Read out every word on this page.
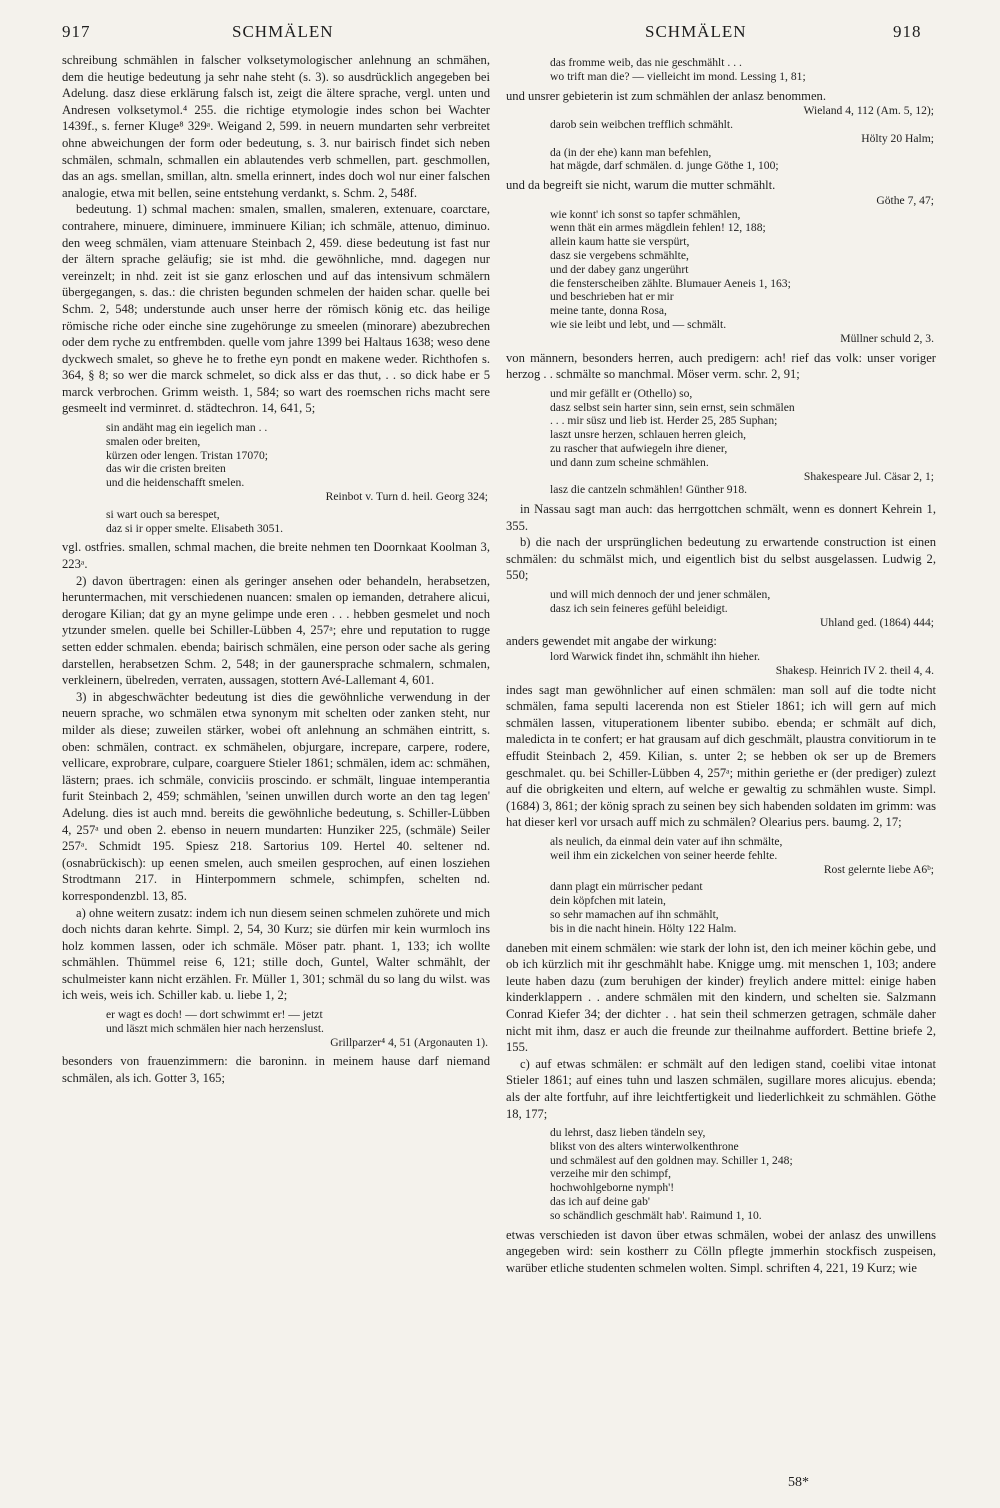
917	SCHMÄLEN	SCHMÄLEN	918

schreibung schmählen in falscher volksetymologischer anlehnung an schmähen, dem die heutige bedeutung ja sehr nahe steht (s. 3). so ausdrücklich angegeben bei Adelung. dasz diese erklärung falsch ist, zeigt die ältere sprache, vergl. unten und Andresen volksetymol.⁴ 255. die richtige etymologie indes schon bei Wachter 1439f., s. ferner Kluge⁸ 329ᵃ. Weigand 2, 599. in neuern mundarten sehr verbreitet ohne abweichungen der form oder bedeutung, s. 3. nur bairisch findet sich neben schmälen, schmaln, schmallen ein ablautendes verb schmellen, part. geschmollen, das an ags. smellan, smillan, altn. smella erinnert, indes doch wol nur einer falschen analogie, etwa mit bellen, seine entstehung verdankt, s. Schm. 2, 548f.

bedeutung. 1) schmal machen: smalen, smallen, smaleren, extenuare, coarctare, contrahere, minuere, diminuere, imminuere Kilian; ich schmäle, attenuo, diminuo. den weeg schmälen, viam attenuare Steinbach 2, 459. diese bedeutung ist fast nur der ältern sprache geläufig; sie ist mhd. die gewöhnliche, mnd. dagegen nur vereinzelt; in nhd. zeit ist sie ganz erloschen und auf das intensivum schmälern übergegangen, s. das.: die christen begunden schmelen der haiden schar. quelle bei Schm. 2, 548; understunde auch unser herre der römisch könig etc. das heilige römische riche oder einche sine zugehörunge zu smeelen (minorare) abezubrechen oder dem ryche zu entfrembden. quelle vom jahre 1399 bei Haltaus 1638; weso dene dyckwech smalet, so gheve he to frethe eyn pondt en makene weder. Richthofen s. 364, § 8; so wer die marck schmelet, so dick alss er das thut, . . so dick habe er 5 marck verbrochen. Grimm weisth. 1, 584; so wart des roemschen richs macht sere gesmeelt ind verminret. d. städtechron. 14, 641, 5;

sin andäht mag ein iegelich man . .
smalen oder breiten,
kürzen oder lengen. Tristan 17070;
das wir die cristen breiten
und die heidenschafft smelen.
Reinbot v. Turn d. heil. Georg 324;
si wart ouch sa berespet,
daz si ir opper smelte. Elisabeth 3051.

vgl. ostfries. smallen, schmal machen, die breite nehmen ten Doornkaat Koolman 3, 223ᵃ.

2) davon übertragen: einen als geringer ansehen oder behandeln, herabsetzen, heruntermachen, mit verschiedenen nuancen: smalen op iemanden, detrahere alicui, derogare Kilian; dat gy an myne gelimpe unde eren . . . hebben gesmelet und noch ytzunder smelen. quelle bei Schiller-Lübben 4, 257ᵃ; ehre und reputation to rugge setten edder schmalen. ebenda; bairisch schmälen, eine person oder sache als gering darstellen, herabsetzen Schm. 2, 548; in der gaunersprache schmalern, schmalen, verkleinern, übelreden, verraten, aussagen, stottern Avé-Lallemant 4, 601.

3) in abgeschwächter bedeutung ist dies die gewöhnliche verwendung in der neuern sprache, wo schmälen etwa synonym mit schelten oder zanken steht, nur milder als diese; zuweilen stärker, wobei oft anlehnung an schmähen eintritt, s. oben: schmälen, contract. ex schmähelen, objurgare, increpare, carpere, rodere, vellicare, exprobrare, culpare, coarguere Stieler 1861; schmälen, idem ac: schmähen, lästern; praes. ich schmäle, conviciis proscindo. er schmält, linguae intemperantia furit Steinbach 2, 459; schmählen, 'seinen unwillen durch worte an den tag legen' Adelung. dies ist auch mnd. bereits die gewöhnliche bedeutung, s. Schiller-Lübben 4, 257ᵃ und oben 2. ebenso in neuern mundarten: Hunziker 225, (schmäle) Seiler 257ᵃ. Schmidt 195. Spiesz 218. Sartorius 109. Hertel 40. seltener nd. (osnabrückisch): up eenen smelen, auch smeilen gesprochen, auf einen losziehen Strodtmann 217. in Hinterpommern schmele, schimpfen, schelten nd. korrespondenzbl. 13, 85.

a) ohne weitern zusatz: indem ich nun diesem seinen schmelen zuhörete und mich doch nichts daran kehrte. Simpl. 2, 54, 30 Kurz; sie dürfen mir kein wurmloch ins holz kommen lassen, oder ich schmäle. Möser patr. phant. 1, 133; ich wollte schmählen. Thümmel reise 6, 121; stille doch, Guntel, Walter schmählt, der schulmeister kann nicht erzählen. Fr. Müller 1, 301; schmäl du so lang du wilst. was ich weis, weis ich. Schiller kab. u. liebe 1, 2;

er wagt es doch! — dort schwimmt er! — jetzt
und läszt mich schmälen hier nach herzenslust.
Grillparzer⁴ 4, 51 (Argonauten 1).

besonders von frauenzimmern: die baroninn. in meinem hause darf niemand schmälen, als ich. Gotter 3, 165;

das fromme weib, das nie geschmählt . . .
wo trift man die? — vielleicht im mond. Lessing 1, 81;

und unsrer gebieterin ist zum schmählen der anlasz benommen.

Wieland 4, 112 (Am. 5, 12);
darob sein weibchen trefflich schmählt.
Hölty 20 Halm;
da (in der ehe) kann man befehlen,
hat mägde, darf schmälen. d. junge Göthe 1, 100;

und da begreift sie nicht, warum die mutter schmählt.

Göthe 7, 47;
wie konnt' ich sonst so tapfer schmählen,
wenn thät ein armes mägdlein fehlen! 12, 188;
allein kaum hatte sie verspürt,
dasz sie vergebens schmählte,
und der dabey ganz ungerührt
die fensterscheiben zählte. Blumauer Aeneis 1, 163;
und beschrieben hat er mir
meine tante, donna Rosa,
wie sie leibt und lebt, und — schmält.
Müllner schuld 2, 3.

von männern, besonders herren, auch predigern: ach! rief das volk: unser voriger herzog . . schmälte so manchmal. Möser verm. schr. 2, 91;

und mir gefällt er (Othello) so,
dasz selbst sein harter sinn, sein ernst, sein schmälen
. . . mir süsz und lieb ist. Herder 25, 285 Suphan;
laszt unsre herzen, schlauen herren gleich,
zu rascher that aufwiegeln ihre diener,
und dann zum scheine schmählen.
Shakespeare Jul. Cäsar 2, 1;
lasz die cantzeln schmählen! Günther 918.

in Nassau sagt man auch: das herrgottchen schmält, wenn es donnert Kehrein 1, 355.

b) die nach der ursprünglichen bedeutung zu erwartende construction ist einen schmälen: du schmälst mich, und eigentlich bist du selbst ausgelassen. Ludwig 2, 550;

und will mich dennoch der und jener schmälen,
dasz ich sein feineres gefühl beleidigt.
Uhland ged. (1864) 444;

anders gewendet mit angabe der wirkung:

lord Warwick findet ihn, schmählt ihn hieher.
Shakesp. Heinrich IV 2. theil 4, 4.

indes sagt man gewöhnlicher auf einen schmälen: man soll auf die todte nicht schmälen, fama sepulti lacerenda non est Stieler 1861; ich will gern auf mich schmälen lassen, vituperationem libenter subibo. ebenda; er schmält auf dich, maledicta in te confert; er hat grausam auf dich geschmält, plaustra convitiorum in te effudit Steinbach 2, 459. Kilian, s. unter 2; se hebben ok ser up de Bremers geschmalet. qu. bei Schiller-Lübben 4, 257ᵃ; mithin geriethe er (der prediger) zulezt auf die obrigkeiten und eltern, auf welche er gewaltig zu schmählen wuste. Simpl. (1684) 3, 861; der könig sprach zu seinen bey sich habenden soldaten im grimm: was hat dieser kerl vor ursach auff mich zu schmälen? Olearius pers. baumg. 2, 17;

als neulich, da einmal dein vater auf ihn schmälte,
weil ihm ein zickelchen von seiner heerde fehlte.
Rost gelernte liebe A6ᵇ;
dann plagt ein mürrischer pedant
dein köpfchen mit latein,
so sehr mamachen auf ihn schmählt,
bis in die nacht hinein. Hölty 122 Halm.

daneben mit einem schmälen: wie stark der lohn ist, den ich meiner köchin gebe, und ob ich kürzlich mit ihr geschmählt habe. Knigge umg. mit menschen 1, 103; andere leute haben dazu (zum beruhigen der kinder) freylich andere mittel: einige haben kinderklappern . . andere schmälen mit den kindern, und schelten sie. Salzmann Conrad Kiefer 34; der dichter . . hat sein theil schmerzen getragen, schmäle daher nicht mit ihm, dasz er auch die freunde zur theilnahme auffordert. Bettine briefe 2, 155.

c) auf etwas schmälen: er schmält auf den ledigen stand, coelibi vitae intonat Stieler 1861; auf eines tuhn und laszen schmälen, sugillare mores alicujus. ebenda; als der alte fortfuhr, auf ihre leichtfertigkeit und liederlichkeit zu schmählen. Göthe 18, 177;

du lehrst, dasz lieben tändeln sey,
blikst von des alters winterwolkenthrone
und schmälest auf den goldnen may. Schiller 1, 248;
verzeihe mir den schimpf,
hochwohlgeborne nymph'!
das ich auf deine gab'
so schändlich geschmält hab'. Raimund 1, 10.

etwas verschieden ist davon über etwas schmälen, wobei der anlasz des unwillens angegeben wird: sein kostherr zu Cölln pflegte jmmerhin stockfisch zuspeisen, warüber etliche studenten schmelen wolten. Simpl. schriften 4, 221, 19 Kurz; wie

58*
